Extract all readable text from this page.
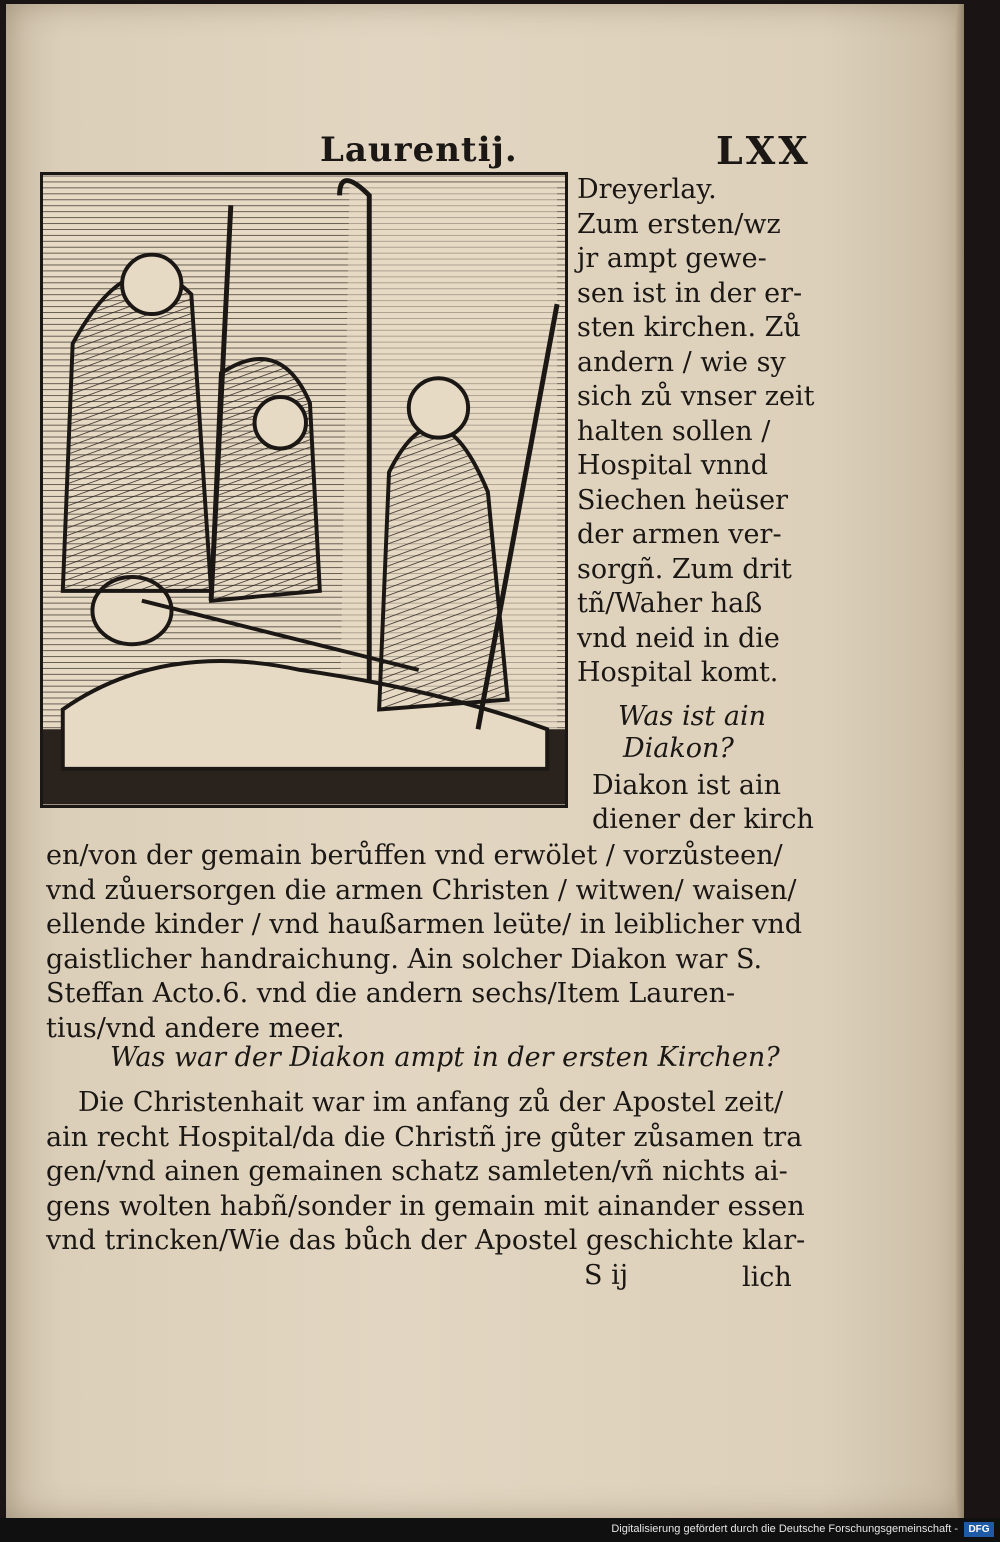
Laurentij.	LXX
Dreyerlay.
Zum ersten/wz
jr ampt gewe-
sen ist in der er-
sten kirchen. Zů
andern / wie sy
sich zů vnser zeit
halten sollen /
Hospital vnnd
Siechen heüser
der armen ver-
sorgñ. Zum drit
tñ/Waher haß
vnd neid in die
Hospital komt.
Was ist ain
Diakon?
Diakon ist ain
diener der kirch
en/von der gemain berůffen vnd erwölet / vorzůsteen/
vnd zůuersorgen die armen Christen / witwen/ waisen/
ellende kinder / vnd haußarmen leüte/ in leiblicher vnd
gaistlicher handraichung. Ain solcher Diakon war S.
Steffan Acto.6. vnd die andern sechs/Item Lauren-
tius/vnd andere meer.
Was war der Diakon ampt in der ersten Kirchen?
Die Christenhait war im anfang zů der Apostel zeit/
ain recht Hospital/da die Christñ jre gůter zůsamen tra
gen/vnd ainen gemainen schatz samleten/vñ nichts ai-
gens wolten habñ/sonder in gemain mit ainander essen
vnd trincken/Wie das bůch der Apostel geschichte klar-
S ij	lich
Digitalisierung gefördert durch die Deutsche Forschungsgemeinschaft -	DFG
